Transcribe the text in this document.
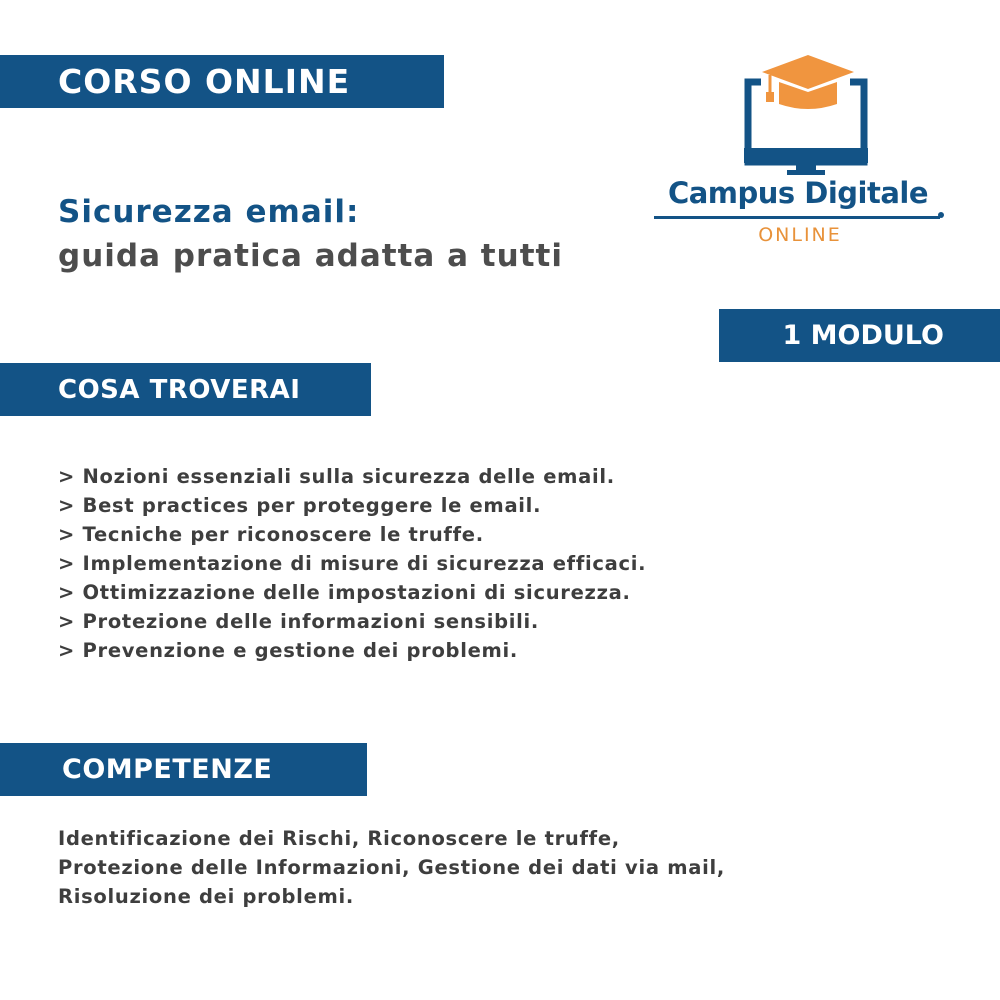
CORSO ONLINE
Sicurezza email:
guida pratica adatta a tutti
Campus Digitale
ONLINE
1 MODULO
COSA TROVERAI
> Nozioni essenziali sulla sicurezza delle email.
> Best practices per proteggere le email.
> Tecniche per riconoscere le truffe.
> Implementazione di misure di sicurezza efficaci.
> Ottimizzazione delle impostazioni di sicurezza.
> Protezione delle informazioni sensibili.
> Prevenzione e gestione dei problemi.
COMPETENZE

Identificazione dei Rischi, Riconoscere le truffe,
Protezione delle Informazioni, Gestione dei dati via mail,
Risoluzione dei problemi.
